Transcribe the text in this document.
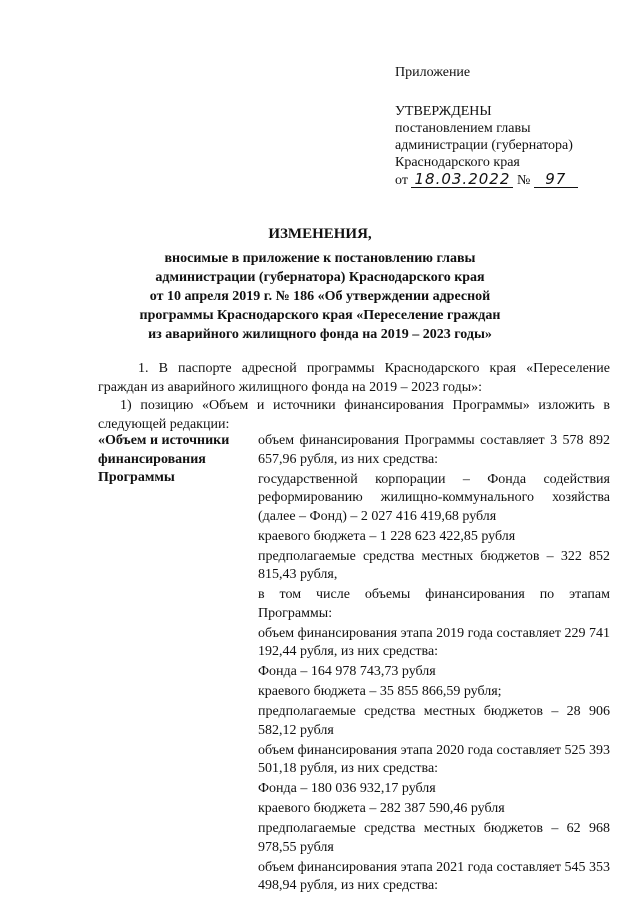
Приложение
УТВЕРЖДЕНЫ
постановлением главы
администрации (губернатора)
Краснодарского края
от 18.03.2022 № 97
ИЗМЕНЕНИЯ,
вносимые в приложение к постановлению главы
администрации (губернатора) Краснодарского края
от 10 апреля 2019 г. № 186 «Об утверждении адресной
программы Краснодарского края «Переселение граждан
из аварийного жилищного фонда на 2019 – 2023 годы»

1. В паспорте адресной программы Краснодарского края «Переселение граждан из аварийного жилищного фонда на 2019 – 2023 годы»:

1) позицию «Объем и источники финансирования Программы» изложить в следующей редакции:

«Объем и источники финансирования Программы

объем финансирования Программы составляет 3 578 892 657,96 рубля, из них средства:

государственной корпорации – Фонда содействия реформированию жилищно-коммунального хозяйства (далее – Фонд) – 2 027 416 419,68 рубля

краевого бюджета – 1 228 623 422,85 рубля

предполагаемые средства местных бюджетов – 322 852 815,43 рубля,

в том числе объемы финансирования по этапам Программы:

объем финансирования этапа 2019 года составляет 229 741 192,44 рубля, из них средства:

Фонда – 164 978 743,73 рубля

краевого бюджета – 35 855 866,59 рубля;

предполагаемые средства местных бюджетов – 28 906 582,12 рубля

объем финансирования этапа 2020 года составляет 525 393 501,18 рубля, из них средства:

Фонда – 180 036 932,17 рубля

краевого бюджета – 282 387 590,46 рубля

предполагаемые средства местных бюджетов – 62 968 978,55 рубля

объем финансирования этапа 2021 года составляет 545 353 498,94 рубля, из них средства:
